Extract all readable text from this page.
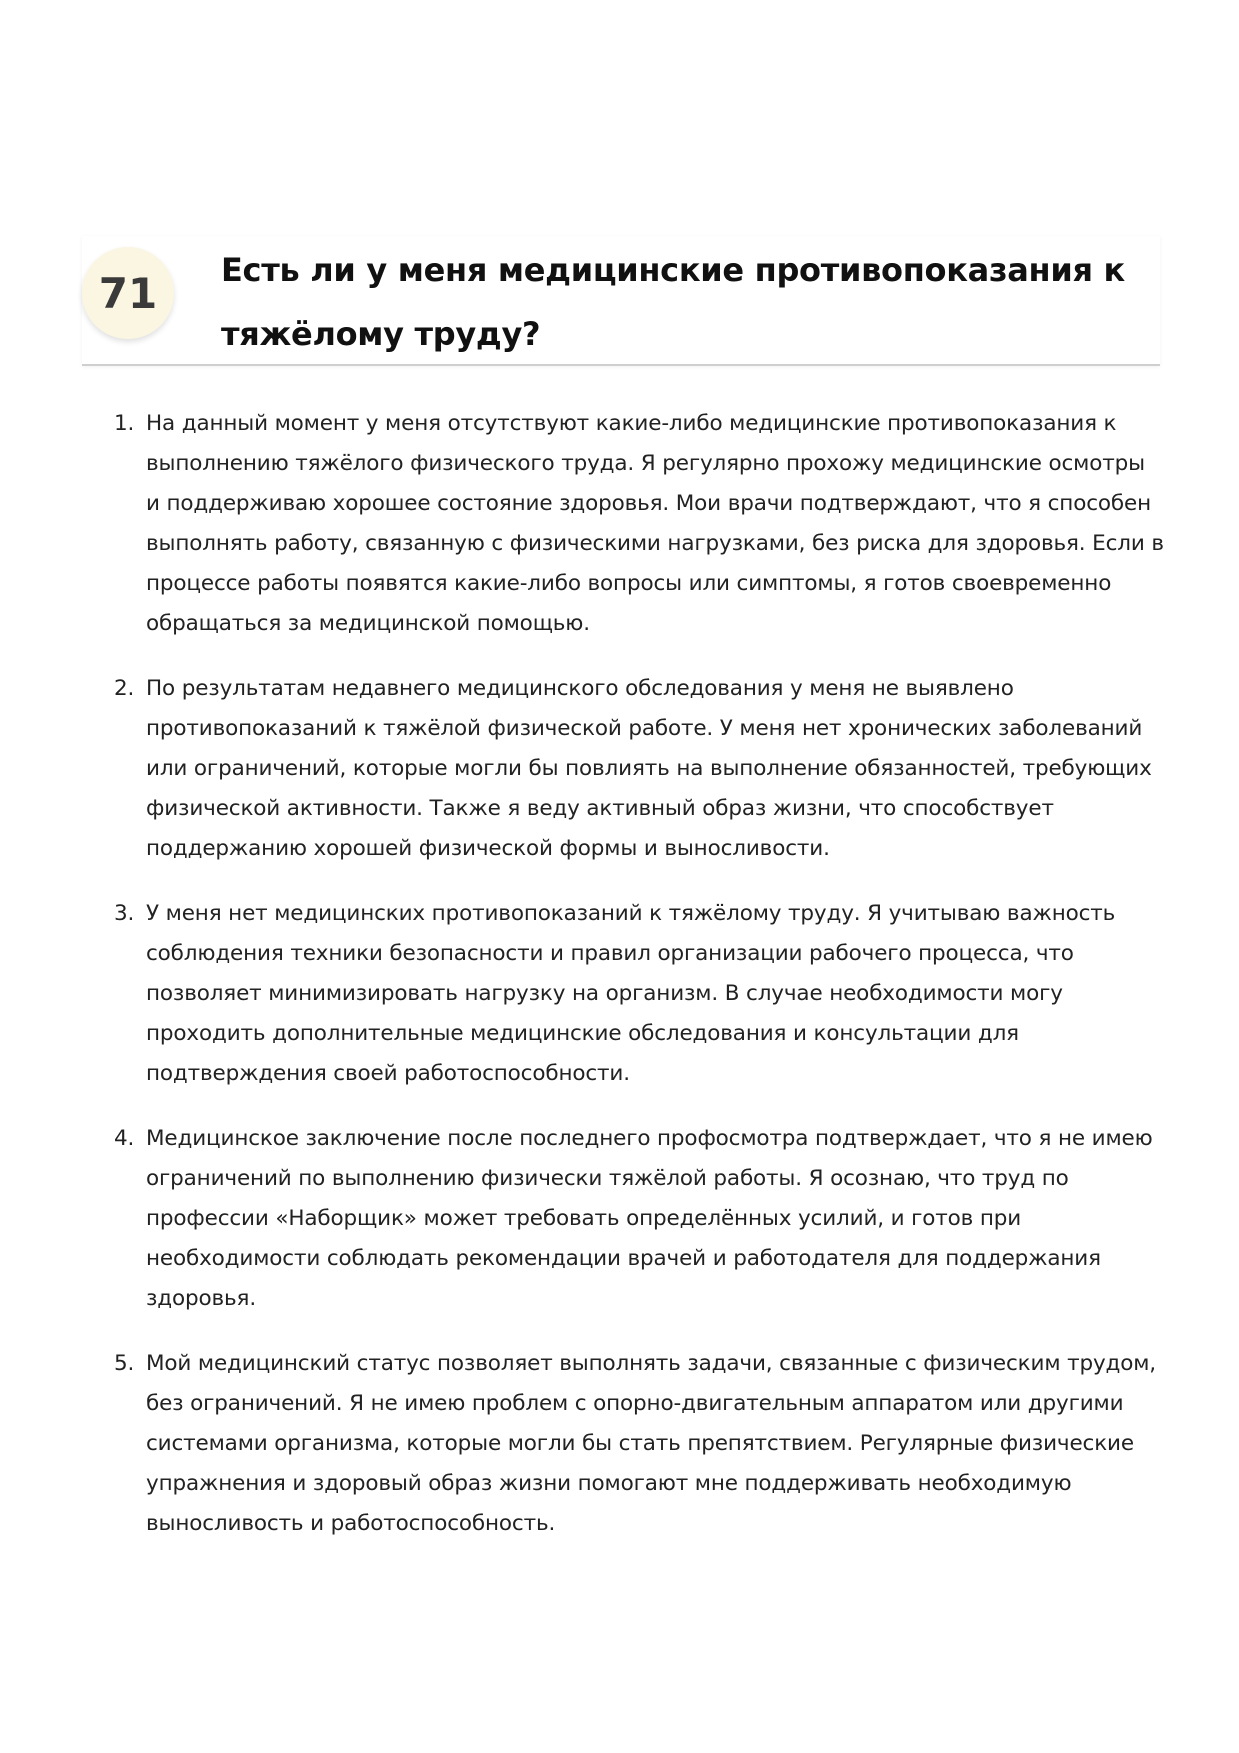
71	Есть ли у меня медицинские противопоказания к тяжёлому труду?
1. На данный момент у меня отсутствуют какие-либо медицинские противопоказания к выполнению тяжёлого физического труда. Я регулярно прохожу медицинские осмотры и поддерживаю хорошее состояние здоровья. Мои врачи подтверждают, что я способен выполнять работу, связанную с физическими нагрузками, без риска для здоровья. Если в процессе работы появятся какие-либо вопросы или симптомы, я готов своевременно обращаться за медицинской помощью.
2. По результатам недавнего медицинского обследования у меня не выявлено противопоказаний к тяжёлой физической работе. У меня нет хронических заболеваний или ограничений, которые могли бы повлиять на выполнение обязанностей, требующих физической активности. Также я веду активный образ жизни, что способствует поддержанию хорошей физической формы и выносливости.
3. У меня нет медицинских противопоказаний к тяжёлому труду. Я учитываю важность соблюдения техники безопасности и правил организации рабочего процесса, что позволяет минимизировать нагрузку на организм. В случае необходимости могу проходить дополнительные медицинские обследования и консультации для подтверждения своей работоспособности.
4. Медицинское заключение после последнего профосмотра подтверждает, что я не имею ограничений по выполнению физически тяжёлой работы. Я осознаю, что труд по профессии «Наборщик» может требовать определённых усилий, и готов при необходимости соблюдать рекомендации врачей и работодателя для поддержания здоровья.
5. Мой медицинский статус позволяет выполнять задачи, связанные с физическим трудом, без ограничений. Я не имею проблем с опорно-двигательным аппаратом или другими системами организма, которые могли бы стать препятствием. Регулярные физические упражнения и здоровый образ жизни помогают мне поддерживать необходимую выносливость и работоспособность.
